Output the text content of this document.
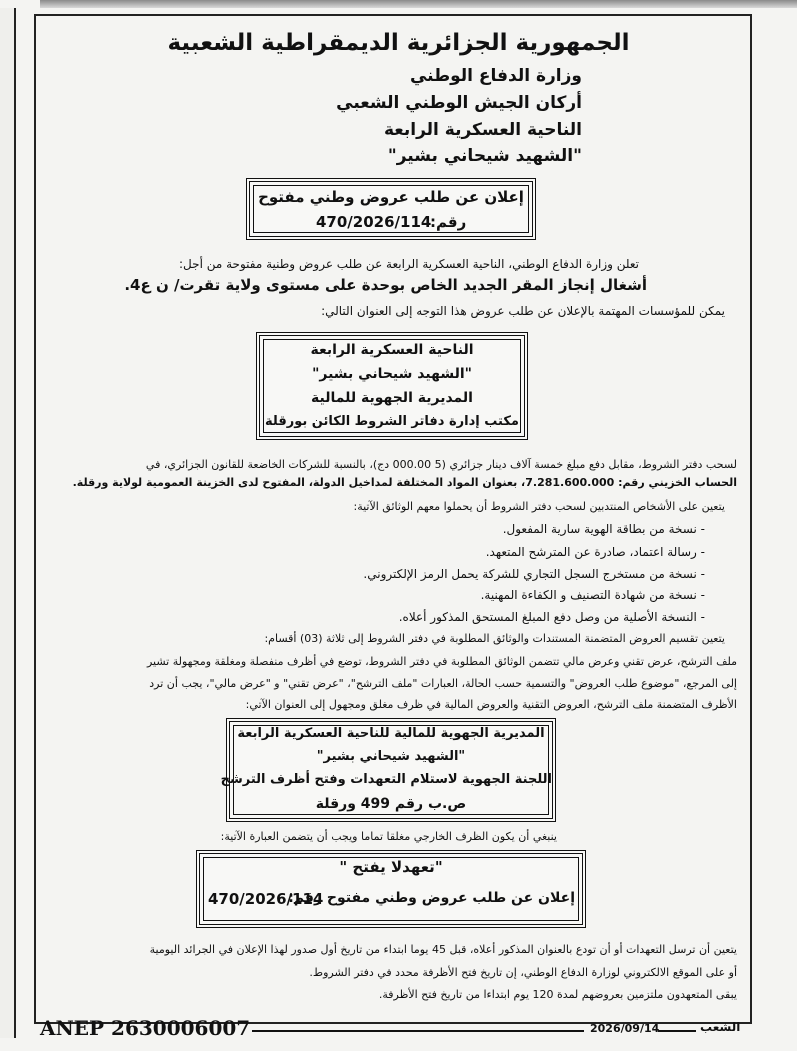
الجمهورية الجزائرية الديمقراطية الشعبية
وزارة الدفاع الوطني
أركان الجيش الوطني الشعبي
الناحية العسكرية الرابعة
"الشهيد شيحاني بشير"
إعلان عن طلب عروض وطني مفتوح
470/2026/114
رقم:
تعلن وزارة الدفاع الوطني، الناحية العسكرية الرابعة عن طلب عروض وطنية مفتوحة من أجل:
أشغال إنجاز المقر الجديد الخاص بوحدة على مستوى ولاية تقرت/ ن ع4.
يمكن للمؤسسات المهتمة بالإعلان عن طلب عروض هذا التوجه إلى العنوان التالي:
الناحية العسكرية الرابعة
"الشهيد شيحاني بشير"
المديرية الجهوية للمالية
مكتب إدارة دفاتر الشروط الكائن بورقلة
لسحب دفتر الشروط، مقابل دفع مبلغ خمسة آلاف دينار جزائري (5 000.00 دج)، بالنسبة للشركات الخاضعة للقانون الجزائري، في
الحساب الخزيني رقم: 7.281.600.000، بعنوان المواد المختلفة لمداخيل الدولة، المفتوح لدى الخزينة العمومية لولاية ورقلة.
يتعين على الأشخاص المنتدبين لسحب دفتر الشروط أن يحملوا معهم الوثائق الآتية:
- نسخة من بطاقة الهوية سارية المفعول.
- رسالة اعتماد، صادرة عن المترشح المتعهد.
- نسخة من مستخرج السجل التجاري للشركة يحمل الرمز الإلكتروني.
- نسخة من شهادة التصنيف و الكفاءة المهنية.
- النسخة الأصلية من وصل دفع المبلغ المستحق المذكور أعلاه.
يتعين تقسيم العروض المتضمنة المستندات والوثائق المطلوبة في دفتر الشروط إلى ثلاثة (03) أقسام:
ملف الترشح، عرض تقني وعرض مالي تتضمن الوثائق المطلوبة في دفتر الشروط، توضع في أظرف منفصلة ومغلقة ومجهولة تشير
إلى المرجع، "موضوع طلب العروض" والتسمية حسب الحالة، العبارات "ملف الترشح"، "عرض تقني" و "عرض مالي"، يجب أن ترد
الأظرف المتضمنة ملف الترشح، العروض التقنية والعروض المالية في ظرف مغلق ومجهول إلى العنوان الآتي:
المديرية الجهوية للمالية للناحية العسكرية الرابعة
"الشهيد شيحاني بشير"
اللجنة الجهوية لاستلام التعهدات وفتح أظرف الترشح
ص.ب رقم 499 ورقلة
ينبغي أن يكون الظرف الخارجي مغلقا تماما ويجب أن يتضمن العبارة الآتية:
"تعهدلا يفتح "
470/2026/114
إعلان عن طلب عروض وطني مفتوح رقم:
يتعين أن ترسل التعهدات أو أن تودع بالعنوان المذكور أعلاه، قبل 45 يوما ابتداء من تاريخ أول صدور لهذا الإعلان في الجرائد اليومية
أو على الموقع الالكتروني لوزارة الدفاع الوطني، إن تاريخ فتح الأظرفة محدد في دفتر الشروط.
يبقى المتعهدون ملتزمين بعروضهم لمدة 120 يوم ابتداءا من تاريخ فتح الأظرفة.
ANEP 2630006007	2026/09/14	الشعب
